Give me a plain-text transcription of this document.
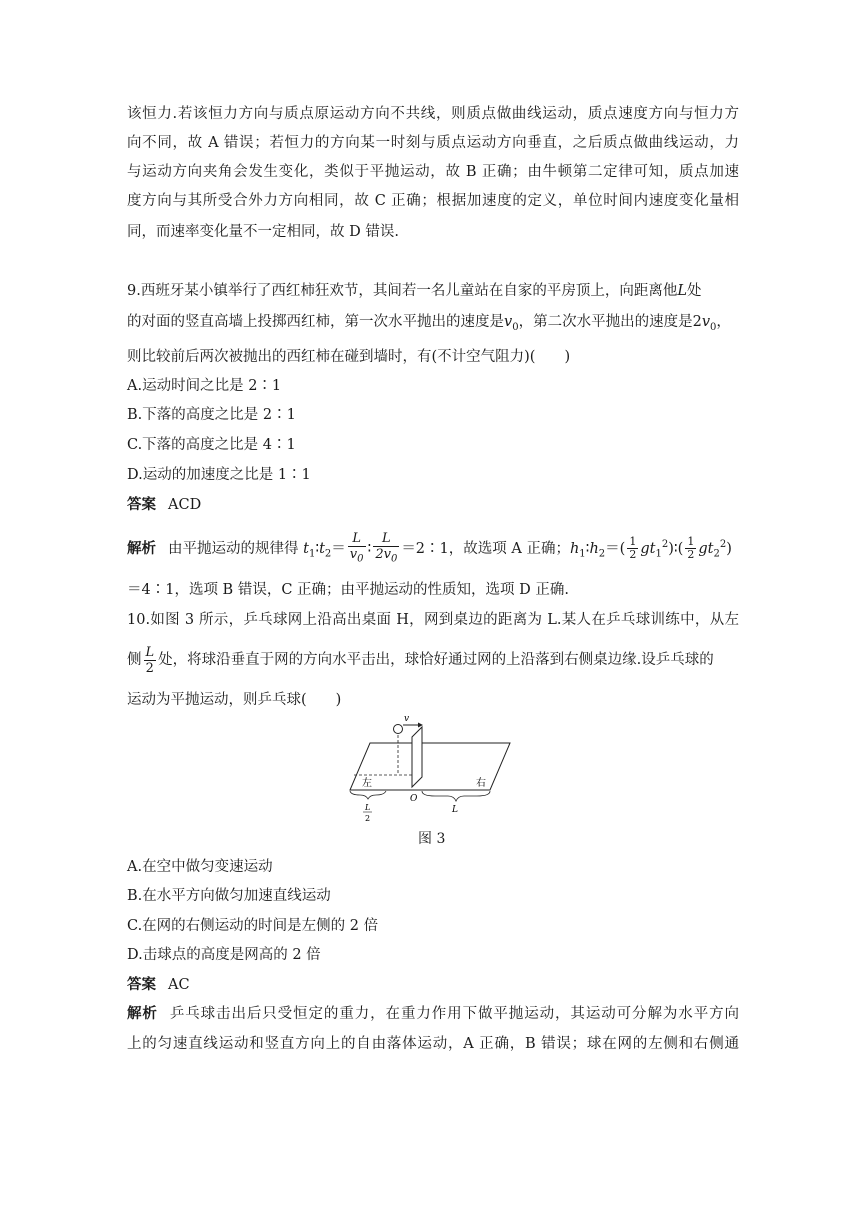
该恒力.若该恒力方向与质点原运动方向不共线，则质点做曲线运动，质点速度方向与恒力方
向不同，故 A 错误；若恒力的方向某一时刻与质点运动方向垂直，之后质点做曲线运动，力
与运动方向夹角会发生变化，类似于平抛运动，故 B 正确；由牛顿第二定律可知，质点加速
度方向与其所受合外力方向相同，故 C 正确；根据加速度的定义，单位时间内速度变化量相
同，而速率变化量不一定相同，故 D 错误.
9.西班牙某小镇举行了西红柿狂欢节，其间若一名儿童站在自家的平房顶上，向距离他L处
的对面的竖直高墙上投掷西红柿，第一次水平抛出的速度是$v_0$，第二次水平抛出的速度是$2v_0$，
则比较前后两次被抛出的西红柿在碰到墙时，有(不计空气阻力)(　　)
A.运动时间之比是 2∶1
B.下落的高度之比是 2∶1
C.下落的高度之比是 4∶1
D.运动的加速度之比是 1∶1
答案 ACD
解析 由平抛运动的规律得 $t_1∶t_2= \frac{L}{v_0}$ ∶ $\frac{L}{2v_0}$ ＝2∶1，故选项 A 正确；$h_1∶h_2=( \frac{1}{2}$ $gt_1^2)∶( \frac{1}{2} gt_2^2)$
＝4∶1，选项 B 错误，C 正确；由平抛运动的性质知，选项 D 正确.
10.如图 3 所示，乒乓球网上沿高出桌面 H，网到桌边的距离为 L.某人在乒乓球训练中，从左
侧 $\frac{L}{2}$ 处，将球沿垂直于网的方向水平击出，球恰好通过网的上沿落到右侧桌边缘.设乒乓球的
运动为平抛运动，则乒乓球(　　)
v
左	右
O
L
L
2
图 3
A.在空中做匀变速运动
B.在水平方向做匀加速直线运动
C.在网的右侧运动的时间是左侧的 2 倍
D.击球点的高度是网高的 2 倍
答案 AC
解析 乒乓球击出后只受恒定的重力，在重力作用下做平抛运动，其运动可分解为水平方向
上的匀速直线运动和竖直方向上的自由落体运动，A 正确，B 错误；球在网的左侧和右侧通
